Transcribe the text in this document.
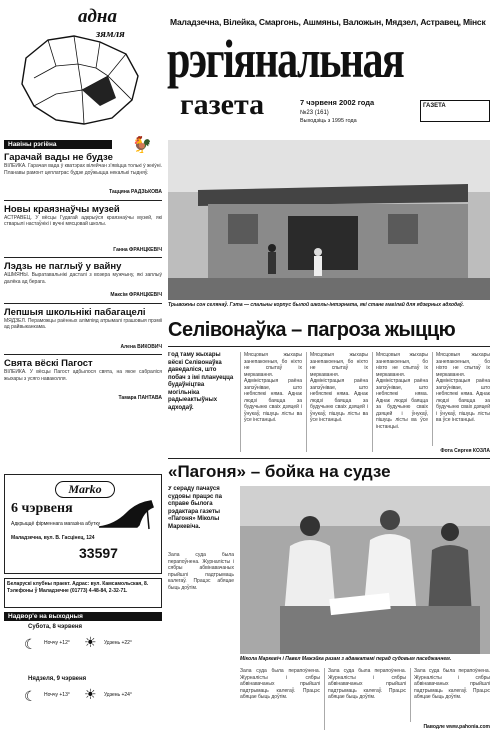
адна
зямля
Маладзечна, Вілейка, Смаргонь, Ашмяны, Валожын, Мядзел, Астравец, Мінск
рэгіянальная
газета	7 чэрвеня 2002 года
№23 (161)
Выходзіць з 1995 года
ГАЗЕТА
Навіны рэгіёна	🐓
Гарачай вады не будзе
ВІЛЕЙКА. Гарачая вада ў кватэрах вілейчан з'явіцца толькі ў жніўні. Планавы рамонт цеплатрас будзе доўжыцца некалькі тыдняў.
Таццяна РАДЗЬКОВА
Новы краязнаўчы музей
АСТРАВЕЦ. У вёсцы Гудагай адкрыўся краязнаўчы музей, які стварылі настаўнікі і вучні мясцовай школы.
Ганна ФРАНЦКЕВІЧ
Лэдзь не паглыў у вайну
АШМЯНЫ. Выратавальнікі дасталі з возера мужчыну, які заплыў далёка ад берага.
Максім ФРАНЦКЕВІЧ
Лепшыя школьнікі пабагацелі
МЯДЗЕЛ. Пераможцы раённых алімпіяд атрымалі грашовыя прэміі ад райвыканкама.
Алена ВИКОВИЧ
Свята вёскі Пагост
ВІЛЕЙКА. У вёсцы Пагост адбылося свята, на якое сабраліся жыхары з усяго наваколля.
Тамара ПАНТАВА
Marko
6 чэрвеня
Адкрыццё фірменнага магазіна абутку
Маладзечна, вул. В. Гасцінец, 124
33597
Беларускі клубны праект. Адрас: вул. Камсамольская, 8. Тэлефоны ў Маладзечне (01773) 4-48-84, 2-32-71.
Надвор'е на выходныя
Субота, 8 чэрвеня
☾ Ноччу +12° ☀ Удзень +22°
Нядзеля, 9 чэрвеня
☾ Ноччу +13° ☀ Удзень +24°
Трывожны сон селянаў. Гэта — спальны корпус былой школы-інтэрната, які стане магілай для ядзерных адходаў.
Селівонаўка – пагроза жыццю
Год таму жыхары вёскі Селівонаўка даведаліся, што побач з імі плануецца будаўніцтва могільніка радыеактыўных адходаў.
Мясцовыя жыхары занепакоеныя, бо ніхто не спытаў іх меркавання. Адміністрацыя раёна запэўнівае, што небяспекі няма. Аднак людзі баяцца за будучыню сваіх дзяцей і ўнукаў, пішуць лісты ва ўсе інстанцыі.
Мясцовыя жыхары занепакоеныя, бо ніхто не спытаў іх меркавання. Адміністрацыя раёна запэўнівае, што небяспекі няма. Аднак людзі баяцца за будучыню сваіх дзяцей і ўнукаў, пішуць лісты ва ўсе інстанцыі.
Мясцовыя жыхары занепакоеныя, бо ніхто не спытаў іх меркавання. Адміністрацыя раёна запэўнівае, што небяспекі няма. Аднак людзі баяцца за будучыню сваіх дзяцей і ўнукаў, пішуць лісты ва ўсе інстанцыі.
Мясцовыя жыхары занепакоеныя, бо ніхто не спытаў іх меркавання. Адміністрацыя раёна запэўнівае, што небяспекі няма. Аднак людзі баяцца за будучыню сваіх дзяцей і ўнукаў, пішуць лісты ва ўсе інстанцыі.
Фота Сяргея КОЗЛА
«Пагоня» – бойка на судзе
У сераду пачаўся судовы працэс па справе былога рэдактара газеты «Пагоня» Міколы Маркевіча.
Зала суда была перапоўнена. Журналісты і сябры абвінавачаных прыйшлі падтрымаць калегаў. Працэс абяцае быць доўгім.
Мікола Маркевіч і Павел Мажэйка разам з адвакатамі перад судовым паседжаннем.
Зала суда была перапоўнена. Журналісты і сябры абвінавачаных прыйшлі падтрымаць калегаў. Працэс абяцае быць доўгім.
Зала суда была перапоўнена. Журналісты і сябры абвінавачаных прыйшлі падтрымаць калегаў. Працэс абяцае быць доўгім.
Зала суда была перапоўнена. Журналісты і сябры абвінавачаных прыйшлі падтрымаць калегаў. Працэс абяцае быць доўгім.
Паводле www.pahonia.com
